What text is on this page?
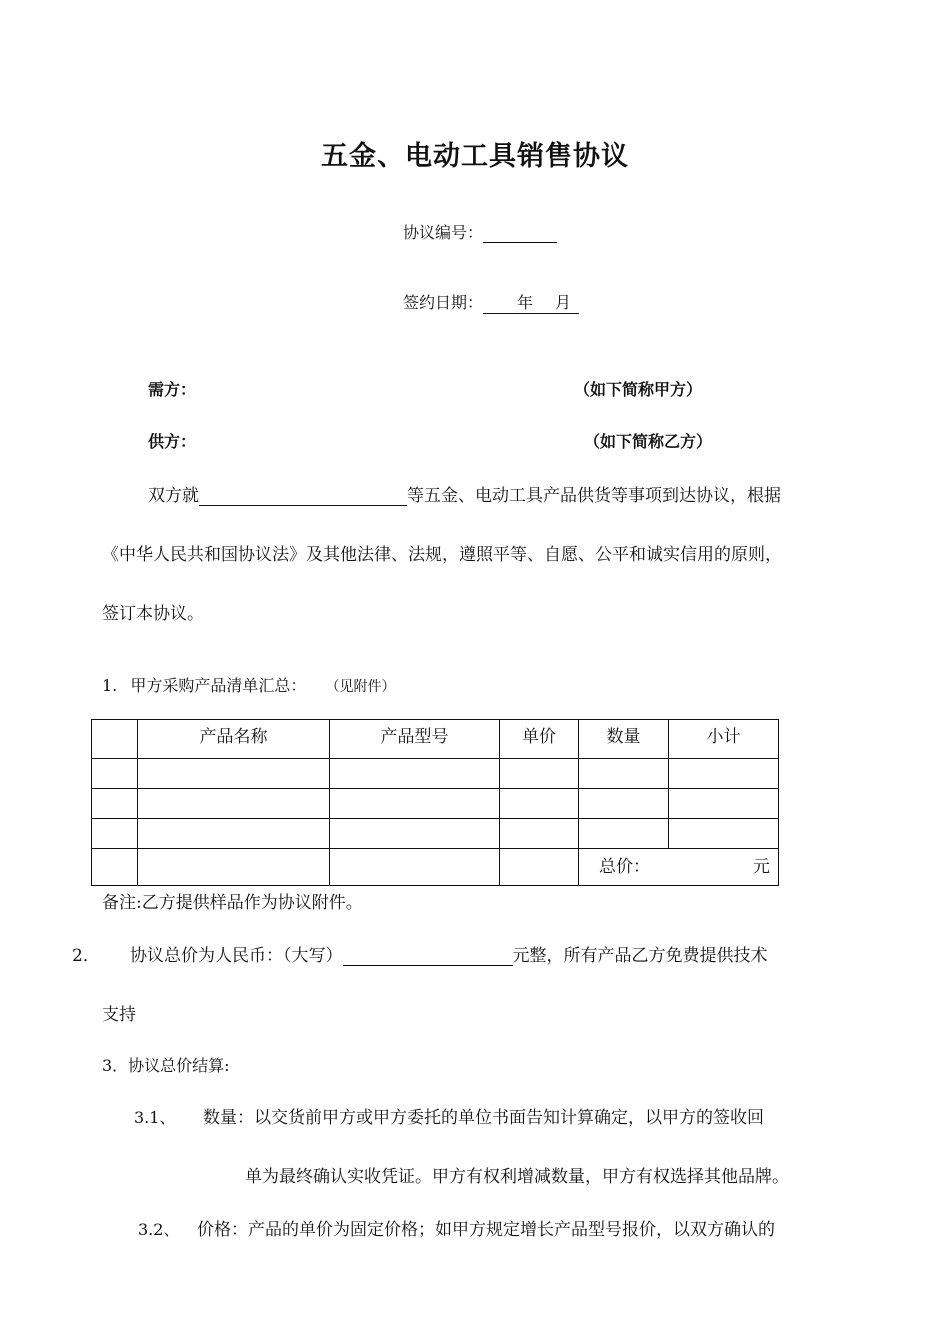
五金、电动工具销售协议
协议编号：
签约日期： 年 月
需方：	（如下简称甲方）
供方：	（如下简称乙方）
双方就	等五金、电动工具产品供货等事项到达协议，根据
《中华人民共和国协议法》及其他法律、法规，遵照平等、自愿、公平和诚实信用的原则，
签订本协议。
1. 甲方采购产品清单汇总： （见附件）
	产品名称	产品型号	单价	数量	小计

				总价： 元	
备注:乙方提供样品作为协议附件。
2． 协议总价为人民币：（大写）	元整，所有产品乙方免费提供技术
支持
3．协议总价结算:
3.1、 数量：以交货前甲方或甲方委托的单位书面告知计算确定，以甲方的签收回
单为最终确认实收凭证。甲方有权利增减数量，甲方有权选择其他品牌。
3.2、 价格：产品的单价为固定价格；如甲方规定增长产品型号报价，以双方确认的
